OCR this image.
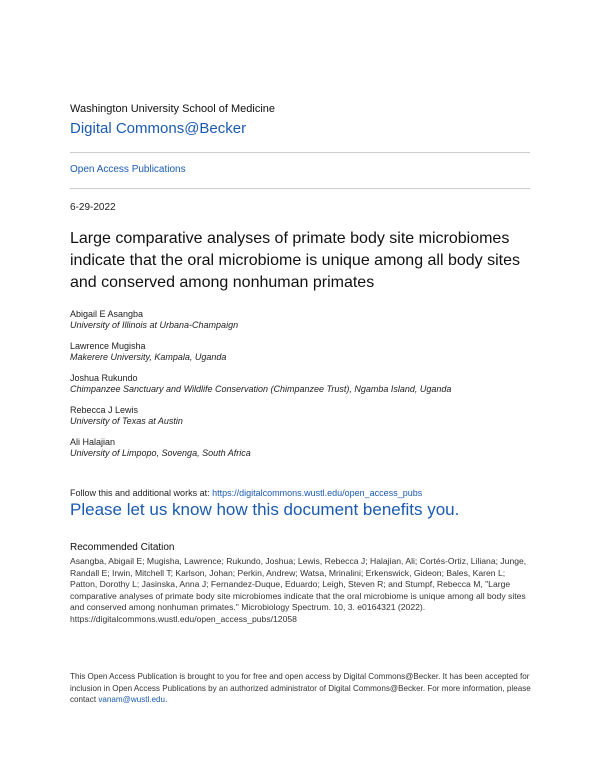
Washington University School of Medicine
Digital Commons@Becker
Open Access Publications
6-29-2022
Large comparative analyses of primate body site microbiomes indicate that the oral microbiome is unique among all body sites and conserved among nonhuman primates
Abigail E Asangba
University of Illinois at Urbana-Champaign
Lawrence Mugisha
Makerere University, Kampala, Uganda
Joshua Rukundo
Chimpanzee Sanctuary and Wildlife Conservation (Chimpanzee Trust), Ngamba Island, Uganda
Rebecca J Lewis
University of Texas at Austin
Ali Halajian
University of Limpopo, Sovenga, South Africa
Follow this and additional works at: https://digitalcommons.wustl.edu/open_access_pubs
Please let us know how this document benefits you.
Recommended Citation

Asangba, Abigail E; Mugisha, Lawrence; Rukundo, Joshua; Lewis, Rebecca J; Halajian, Ali; Cortés-Ortiz, Liliana; Junge, Randall E; Irwin, Mitchell T; Karlson, Johan; Perkin, Andrew; Watsa, Mrinalini; Erkenswick, Gideon; Bales, Karen L; Patton, Dorothy L; Jasinska, Anna J; Fernandez-Duque, Eduardo; Leigh, Steven R; and Stumpf, Rebecca M, "Large comparative analyses of primate body site microbiomes indicate that the oral microbiome is unique among all body sites and conserved among nonhuman primates." Microbiology Spectrum. 10, 3. e0164321 (2022).

https://digitalcommons.wustl.edu/open_access_pubs/12058

This Open Access Publication is brought to you for free and open access by Digital Commons@Becker. It has been accepted for inclusion in Open Access Publications by an authorized administrator of Digital Commons@Becker. For more information, please contact vanam@wustl.edu.
